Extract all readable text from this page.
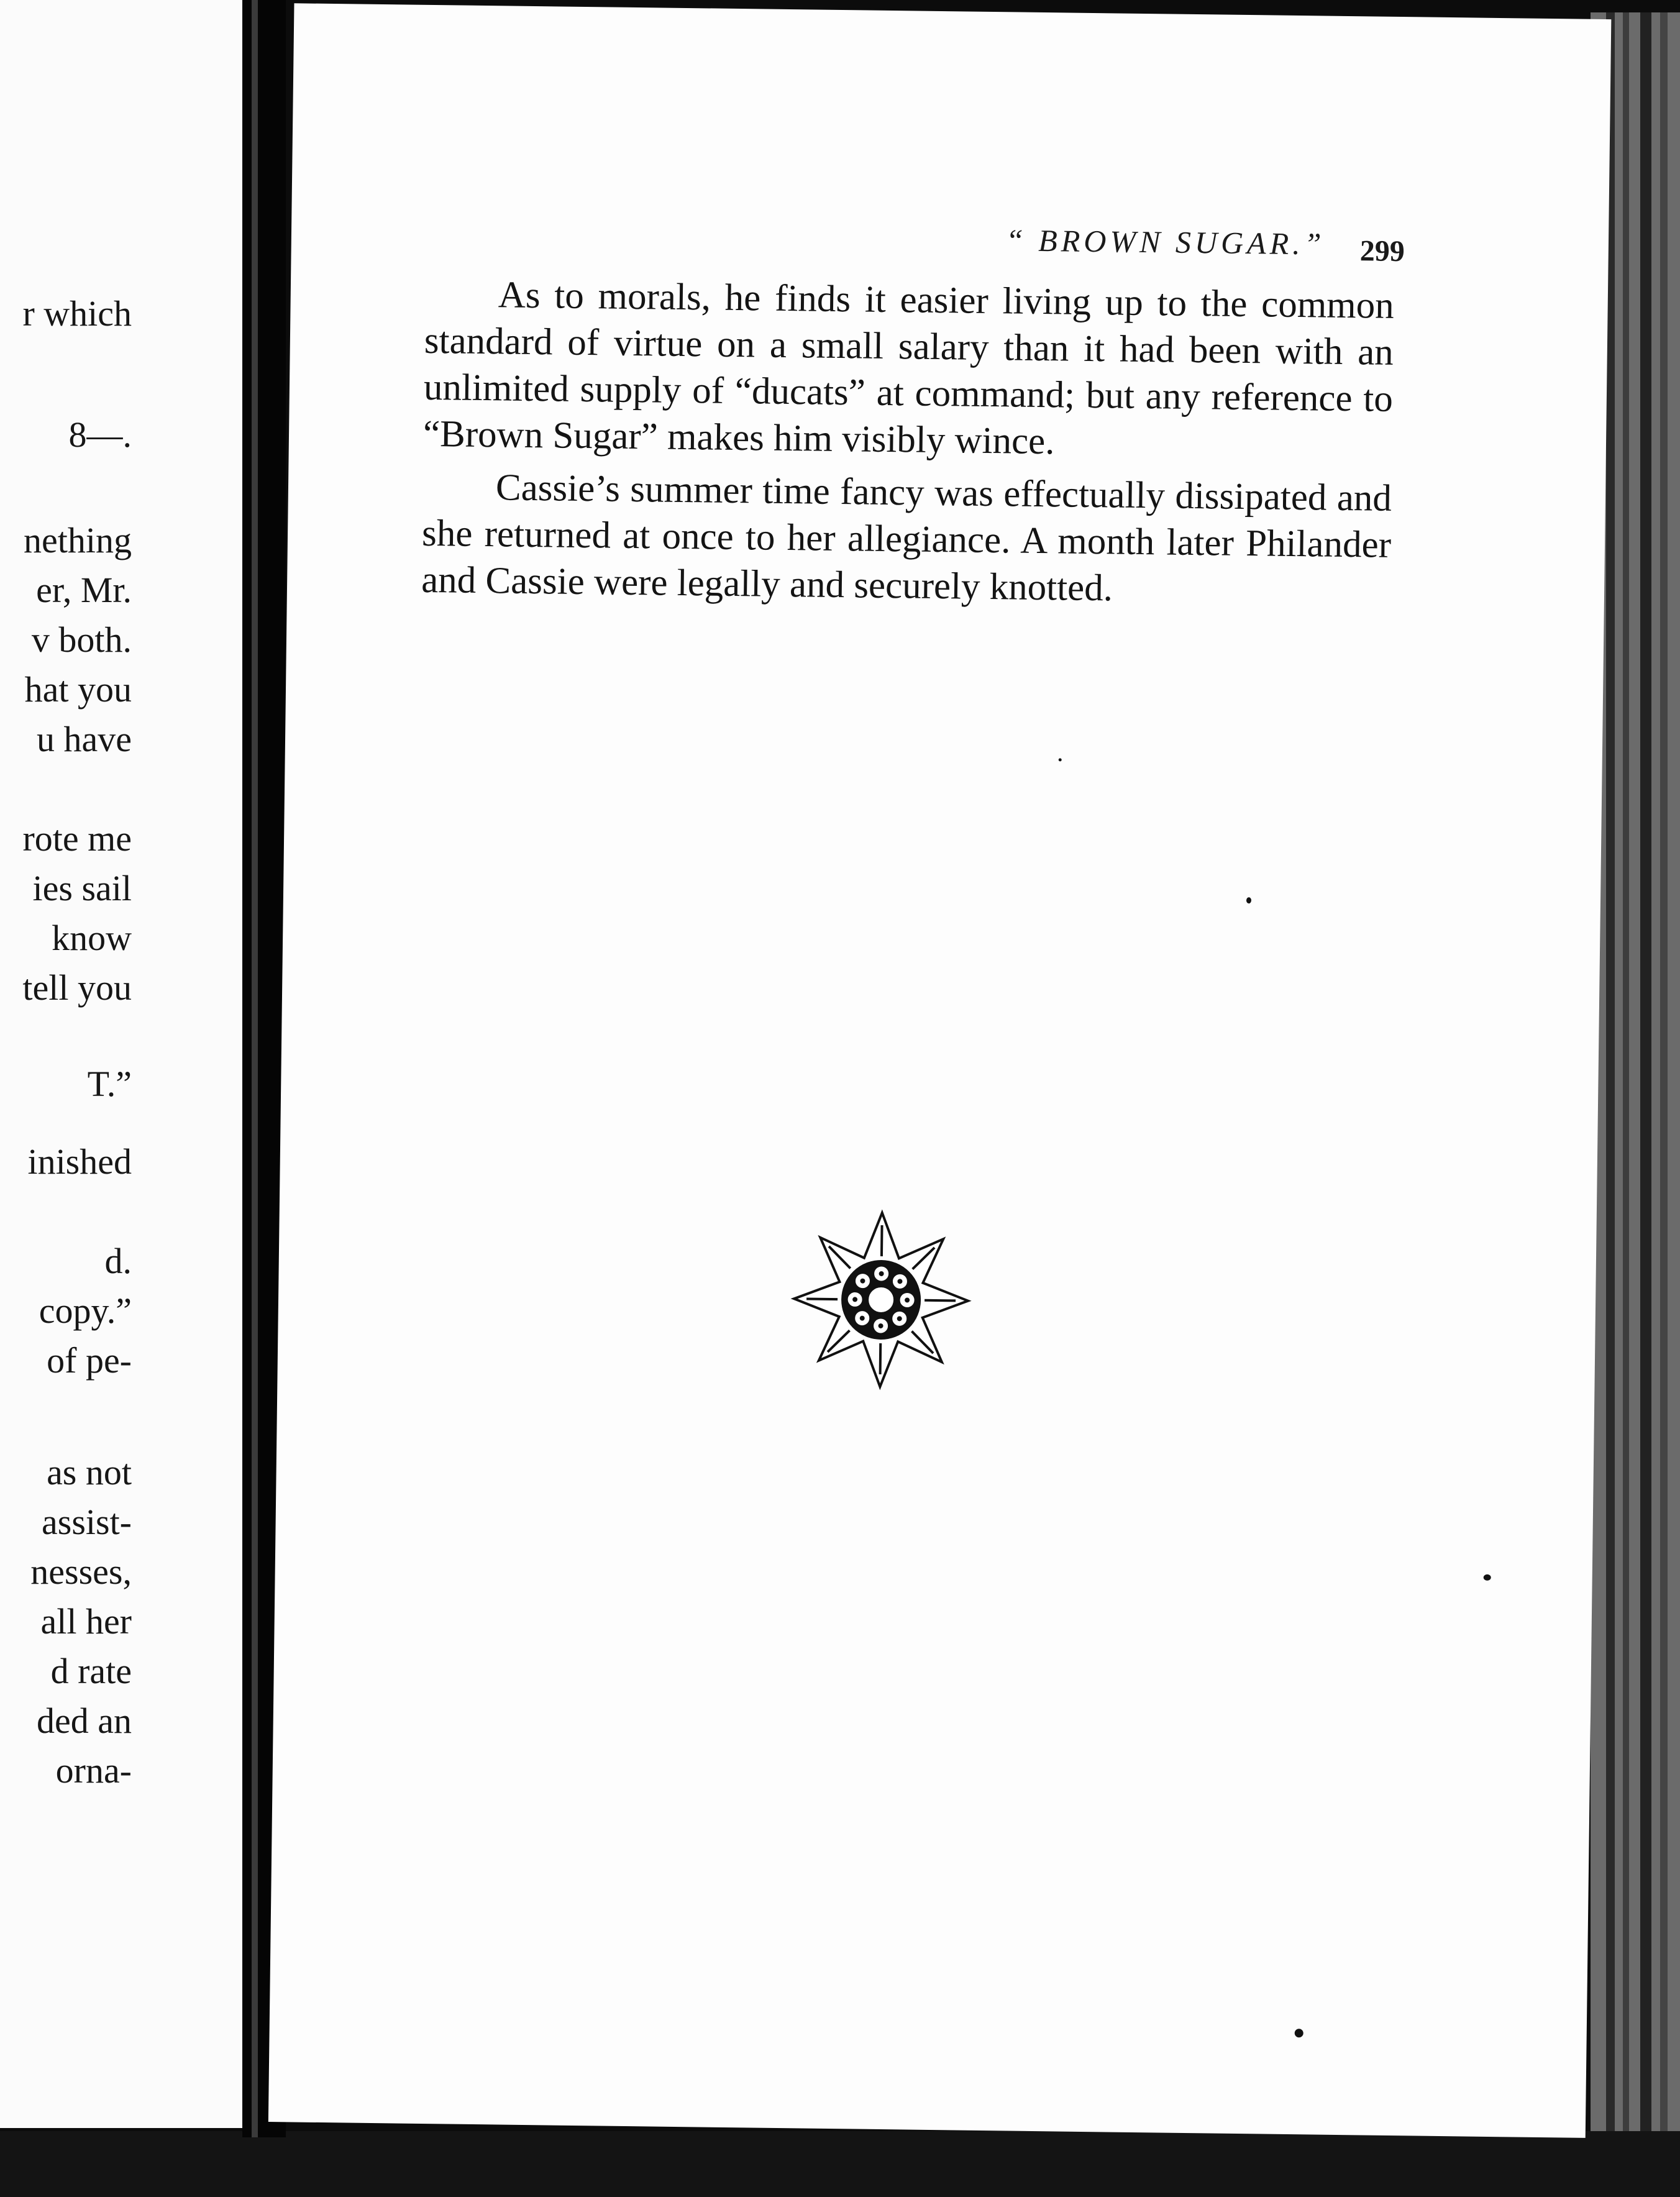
r which
8—.
nething
er, Mr.
v both.
hat you
u have
rote me
ies sail
know
tell you
T.”
inished
d.
copy.”
of pe-
as not
assist-
nesses,
all her
d rate
ded an
orna-
“ BROWN SUGAR.” 299

As to morals, he finds it easier living up to the common standard of virtue on a small salary than it had been with an unlimited supply of “ducats” at command; but any reference to “Brown Sugar” makes him visibly wince.

Cassie’s summer time fancy was effectually dissipated and she returned at once to her allegiance. A month later Philander and Cassie were legally and securely knotted.
